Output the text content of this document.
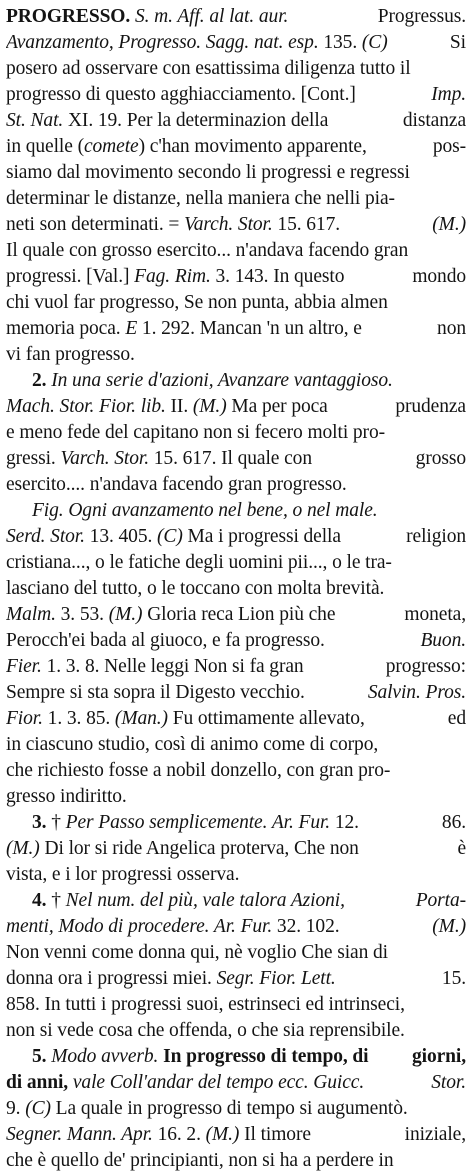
PROGRESSO. S. m. Aff. al lat. aur.	Progressus.
Avanzamento, Progresso. Sagg. nat. esp. 135. (C)	Si
posero ad osservare con esattissima diligenza tutto il
progresso di questo agghiacciamento. [Cont.]	Imp.
St. Nat. XI. 19. Per la determinazion della	distanza
in quelle (comete) c'han movimento apparente,	pos-
siamo dal movimento secondo li progressi e regressi
determinar le distanze, nella maniera che nelli pia-
neti son determinati. = Varch. Stor. 15. 617.	(M.)
Il quale con grosso esercito... n'andava facendo gran
progressi. [Val.] Fag. Rim. 3. 143. In questo	mondo
chi vuol far progresso, Se non punta, abbia almen
memoria poca. E 1. 292. Mancan 'n un altro, e	non
vi fan progresso.
2. In una serie d'azioni, Avanzare vantaggioso.
Mach. Stor. Fior. lib. II. (M.) Ma per poca	prudenza
e meno fede del capitano non si fecero molti pro-
gressi. Varch. Stor. 15. 617. Il quale con	grosso
esercito.... n'andava facendo gran progresso.
Fig. Ogni avanzamento nel bene, o nel male.
Serd. Stor. 13. 405. (C) Ma i progressi della	religion
cristiana..., o le fatiche degli uomini pii..., o le tra-
lasciano del tutto, o le toccano con molta brevità.
Malm. 3. 53. (M.) Gloria reca Lion più che	moneta,
Perocch'ei bada al giuoco, e fa progresso.	Buon.
Fier. 1. 3. 8. Nelle leggi Non si fa gran	progresso:
Sempre si sta sopra il Digesto vecchio.	Salvin. Pros.
Fior. 1. 3. 85. (Man.) Fu ottimamente allevato,	ed
in ciascuno studio, così di animo come di corpo,
che richiesto fosse a nobil donzello, con gran pro-
gresso indiritto.
3. † Per Passo semplicemente. Ar. Fur. 12.	86.
(M.) Di lor si ride Angelica proterva, Che non	è
vista, e i lor progressi osserva.
4. † Nel num. del più, vale talora Azioni,	Porta-
menti, Modo di procedere. Ar. Fur. 32. 102.	(M.)
Non venni come donna qui, nè voglio Che sian di
donna ora i progressi miei. Segr. Fior. Lett.	15.
858. In tutti i progressi suoi, estrinseci ed intrinseci,
non si vede cosa che offenda, o che sia reprensibile.
5. Modo avverb. In progresso di tempo, di giorni,
di anni, vale Coll'andar del tempo ecc. Guicc.	Stor.
9. (C) La quale in progresso di tempo si augumentò.
Segner. Mann. Apr. 16. 2. (M.) Il timore	iniziale,
che è quello de' principianti, non si ha a perdere in
